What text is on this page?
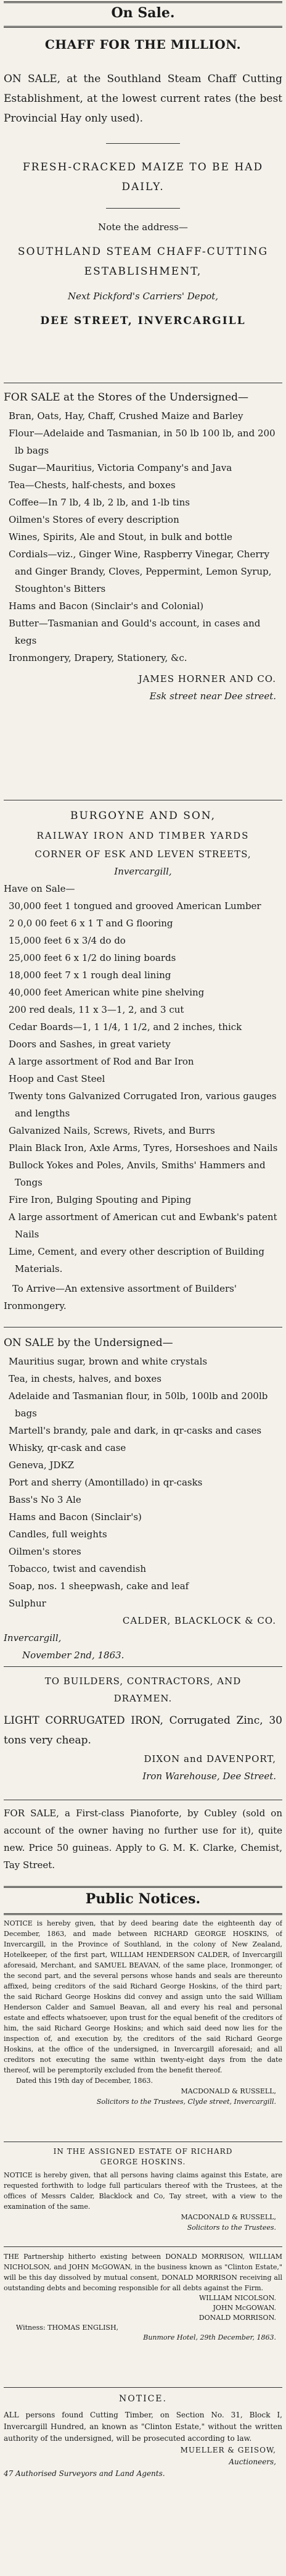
On Sale.
CHAFF FOR THE MILLION.
ON SALE, at the Southland Steam Chaff Cutting Establishment, at the lowest current rates (the best Provincial Hay only used).
FRESH-CRACKED MAIZE TO BE HAD DAILY.
Note the address—
SOUTHLAND STEAM CHAFF-CUTTING
ESTABLISHMENT,
Next Pickford's Carriers' Depot,
DEE STREET, INVERCARGILL
FOR SALE at the Stores of the Undersigned—
Bran, Oats, Hay, Chaff, Crushed Maize and Barley
Flour—Adelaide and Tasmanian, in 50 lb 100 lb, and 200 lb bags
Sugar—Mauritius, Victoria Company's and Java
Tea—Chests, half-chests, and boxes
Coffee—In 7 lb, 4 lb, 2 lb, and 1-lb tins
Oilmen's Stores of every description
Wines, Spirits, Ale and Stout, in bulk and bottle
Cordials—viz., Ginger Wine, Raspberry Vinegar, Cherry and Ginger Brandy, Cloves, Peppermint, Lemon Syrup, Stoughton's Bitters
Hams and Bacon (Sinclair's and Colonial)
Butter—Tasmanian and Gould's account, in cases and kegs
Ironmongery, Drapery, Stationery, &c.
JAMES HORNER AND CO.
Esk street near Dee street.
BURGOYNE AND SON,
RAILWAY IRON AND TIMBER YARDS
CORNER OF ESK AND LEVEN STREETS,
Invercargill,
Have on Sale—
30,000 feet 1 tongued and grooved American Lumber
2 0,0 00 feet 6 x 1 T and G flooring
15,000 feet 6 x 3/4 do do
25,000 feet 6 x 1/2 do lining boards
18,000 feet 7 x 1 rough deal lining
40,000 feet American white pine shelving
200 red deals, 11 x 3—1, 2, and 3 cut
Cedar Boards—1, 1 1/4, 1 1/2, and 2 inches, thick
Doors and Sashes, in great variety
A large assortment of Rod and Bar Iron
Hoop and Cast Steel
Twenty tons Galvanized Corrugated Iron, various gauges and lengths
Galvanized Nails, Screws, Rivets, and Burrs
Plain Black Iron, Axle Arms, Tyres, Horseshoes and Nails
Bullock Yokes and Poles, Anvils, Smiths' Hammers and Tongs
Fire Iron, Bulging Spouting and Piping
A large assortment of American cut and Ewbank's patent Nails
Lime, Cement, and every other description of Building Materials.
To Arrive—An extensive assortment of Builders' Ironmongery.
ON SALE by the Undersigned—
Mauritius sugar, brown and white crystals
Tea, in chests, halves, and boxes
Adelaide and Tasmanian flour, in 50lb, 100lb and 200lb bags
Martell's brandy, pale and dark, in qr-casks and cases
Whisky, qr-cask and case
Geneva, JDKZ
Port and sherry (Amontillado) in qr-casks
Bass's No 3 Ale
Hams and Bacon (Sinclair's)
Candles, full weights
Oilmen's stores
Tobacco, twist and cavendish
Soap, nos. 1 sheepwash, cake and leaf
Sulphur
CALDER, BLACKLOCK & CO.
Invercargill,
November 2nd, 1863.
TO BUILDERS, CONTRACTORS, AND
DRAYMEN.
LIGHT CORRUGATED IRON, Corrugated Zinc, 30 tons very cheap.
DIXON and DAVENPORT,
Iron Warehouse, Dee Street.
FOR SALE, a First-class Pianoforte, by Cubley (sold on account of the owner having no further use for it), quite new. Price 50 guineas. Apply to G. M. K. Clarke, Chemist, Tay Street.
Public Notices.
NOTICE is hereby given, that by deed bearing date the eighteenth day of December, 1863, and made between RICHARD GEORGE HOSKINS, of Invercargill, in the Province of Southland, in the colony of New Zealand, Hotelkeeper, of the first part, WILLIAM HENDERSON CALDER, of Invercargill aforesaid, Merchant, and SAMUEL BEAVAN, of the same place, Ironmonger, of the second part, and the several persons whose hands and seals are thereunto affixed, being creditors of the said Richard George Hoskins, of the third part; the said Richard George Hoskins did convey and assign unto the said William Henderson Calder and Samuel Beavan, all and every his real and personal estate and effects whatsoever, upon trust for the equal benefit of the creditors of him, the said Richard George Hoskins; and which said deed now lies for the inspection of, and execution by, the creditors of the said Richard George Hoskins, at the office of the undersigned, in Invercargill aforesaid; and all creditors not executing the same within twenty-eight days from the date thereof, will be peremptorily excluded from the benefit thereof.
Dated this 19th day of December, 1863.
MACDONALD & RUSSELL,
Solicitors to the Trustees, Clyde street, Invercargill.
IN THE ASSIGNED ESTATE OF RICHARD
GEORGE HOSKINS.
NOTICE is hereby given, that all persons having claims against this Estate, are requested forthwith to lodge full particulars thereof with the Trustees, at the offices of Messrs Calder, Blacklock and Co, Tay street, with a view to the examination of the same.
MACDONALD & RUSSELL,
Solicitors to the Trustees.
THE Partnership hitherto existing between DONALD MORRISON, WILLIAM NICHOLSON, and JOHN McGOWAN, in the business known as "Clinton Estate," will be this day dissolved by mutual consent, DONALD MORRISON receiving all outstanding debts and becoming responsible for all debts against the Firm.
WILLIAM NICOLSON.
JOHN McGOWAN.
DONALD MORRISON.
Witness: THOMAS ENGLISH,
Bunmore Hotel, 29th December, 1863.
NOTICE.
ALL persons found Cutting Timber, on Section No. 31, Block I, Invercargill Hundred, an known as "Clinton Estate," without the written authority of the undersigned, will be prosecuted according to law.
MUELLER & GEISOW,
Auctioneers,
47 Authorised Surveyors and Land Agents.
